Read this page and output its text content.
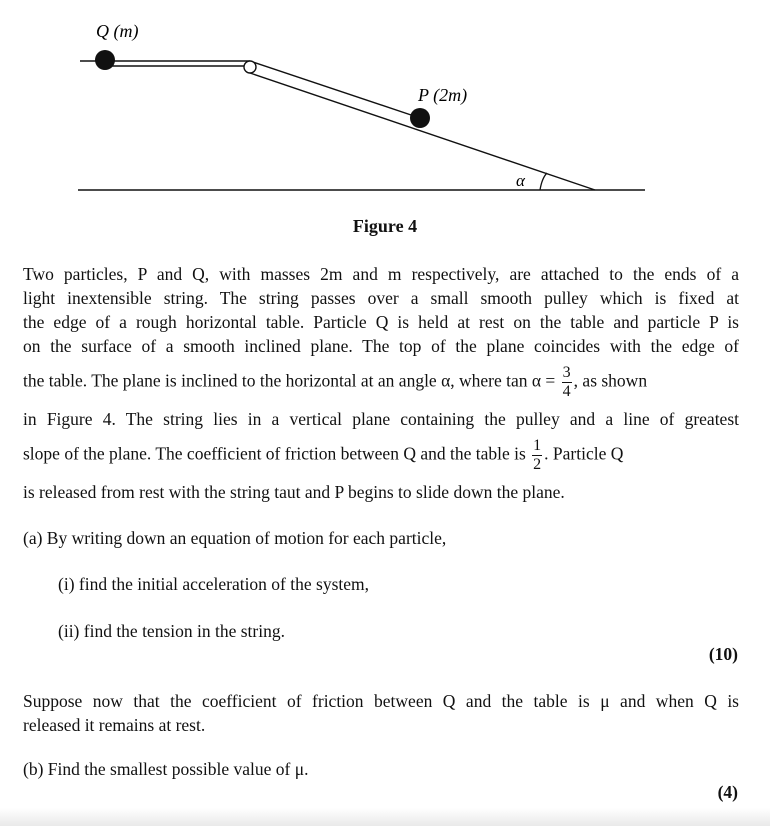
Q (m)
P (2m)
α
Figure 4
Two particles, P and Q, with masses 2m and m respectively, are attached to the ends of a
light inextensible string. The string passes over a small smooth pulley which is fixed at
the edge of a rough horizontal table. Particle Q is held at rest on the table and particle P is
on the surface of a smooth inclined plane. The top of the plane coincides with the edge of
the table. The plane is inclined to the horizontal at an angle α, where $\tan \alpha = \frac{3}{4}$ , as shown
in Figure 4. The string lies in a vertical plane containing the pulley and a line of greatest
slope of the plane. The coefficient of friction between Q and the table is $\frac{1}{2}$ . Particle Q
is released from rest with the string taut and P begins to slide down the plane.
(a) By writing down an equation of motion for each particle,
(i) find the initial acceleration of the system,
(ii) find the tension in the string.
(10)
Suppose now that the coefficient of friction between Q and the table is μ and when Q is
released it remains at rest.
(b) Find the smallest possible value of μ.
(4)
